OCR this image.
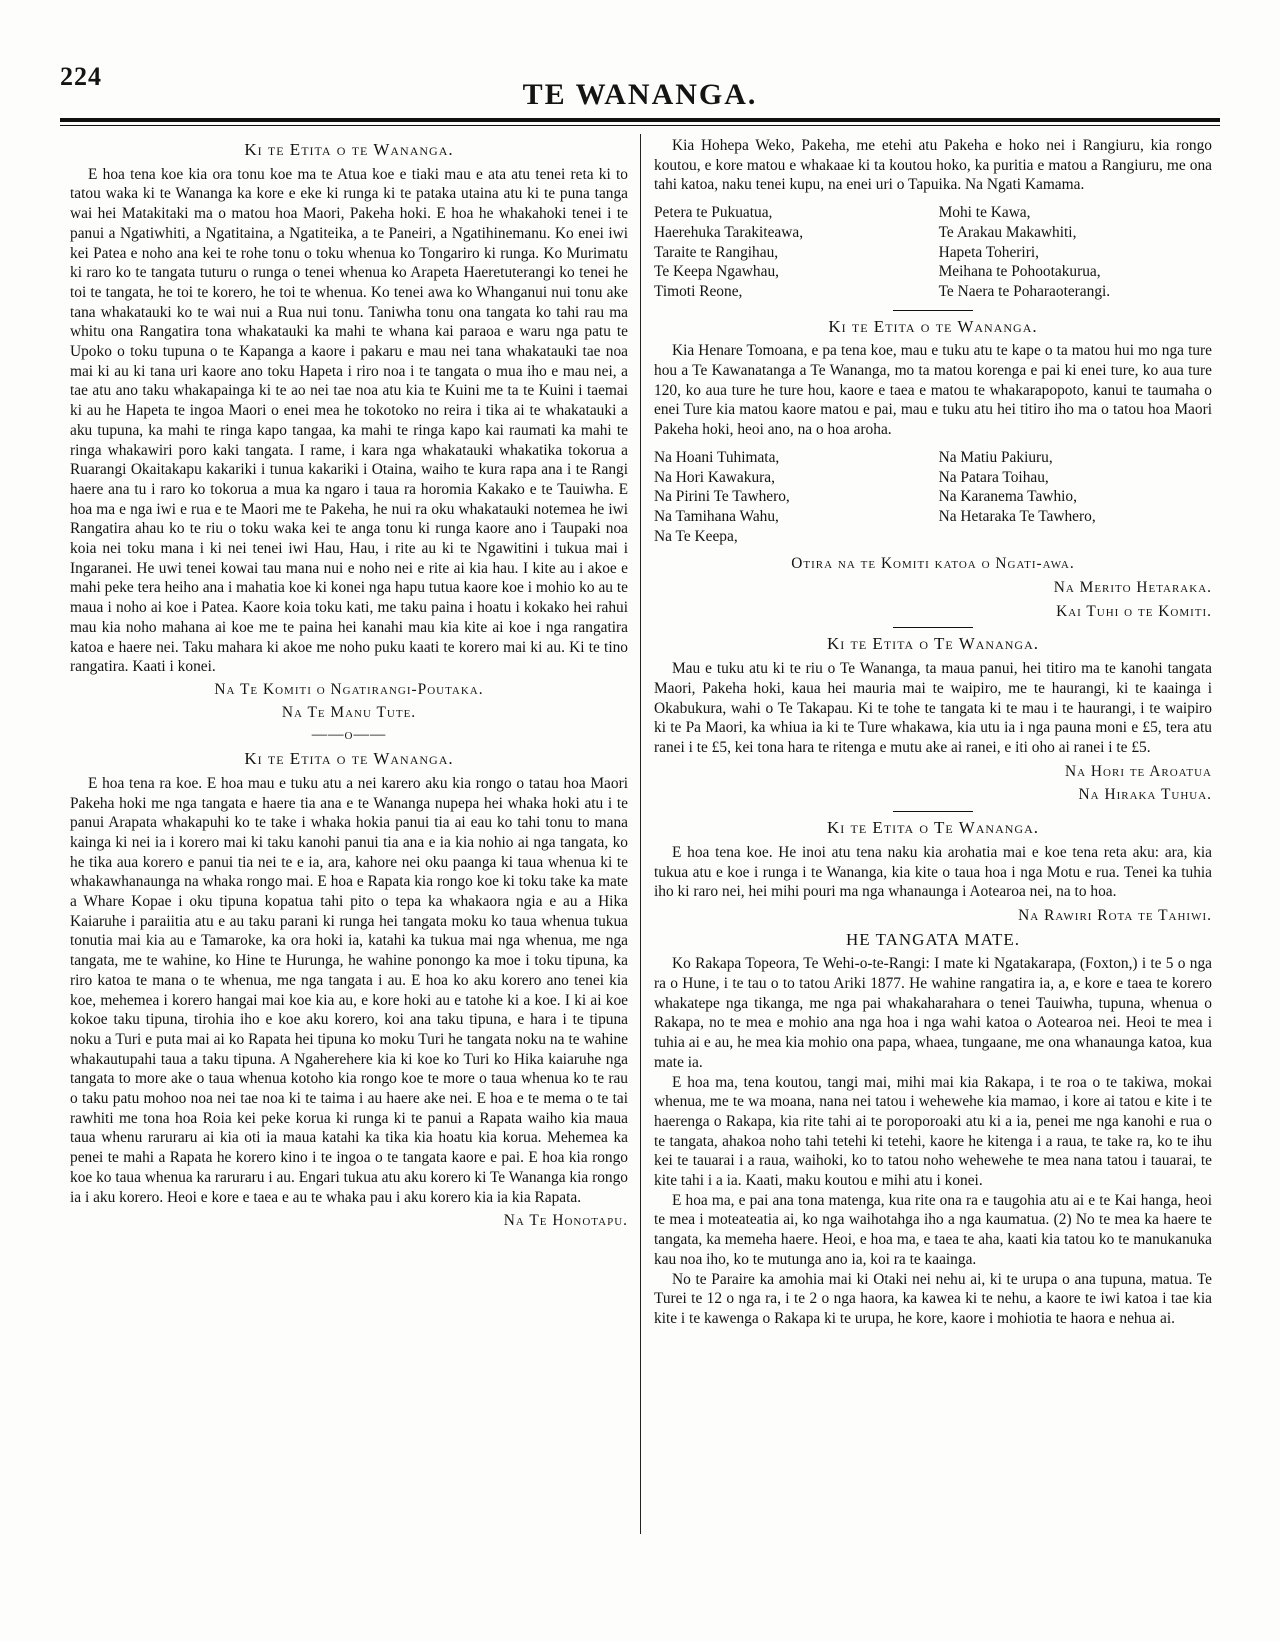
224
TE WANANGA.
Ki te Etita o te Wananga.

E hoa tena koe kia ora tonu koe ma te Atua koe e tiaki mau e ata atu tenei reta ki to tatou waka ki te Wananga ka kore e eke ki runga ki te pataka utaina atu ki te puna tanga wai hei Matakitaki ma o matou hoa Maori, Pakeha hoki. E hoa he whakahoki tenei i te panui a Ngatiwhiti, a Ngatitaina, a Ngatiteika, a te Paneiri, a Ngatihinemanu. Ko enei iwi kei Patea e noho ana kei te rohe tonu o toku whenua ko Tongariro ki runga. Ko Murimatu ki raro ko te tangata tuturu o runga o tenei whenua ko Arapeta Haeretuterangi ko tenei he toi te tangata, he toi te korero, he toi te whenua. Ko tenei awa ko Whanganui nui tonu ake tana whakatauki ko te wai nui a Rua nui tonu. Taniwha tonu ona tangata ko tahi rau ma whitu ona Rangatira tona whakatauki ka mahi te whana kai paraoa e waru nga patu te Upoko o toku tupuna o te Kapanga a kaore i pakaru e mau nei tana whakatauki tae noa mai ki au ki tana uri kaore ano toku Hapeta i riro noa i te tangata o mua iho e mau nei, a tae atu ano taku whakapainga ki te ao nei tae noa atu kia te Kuini me ta te Kuini i taemai ki au he Hapeta te ingoa Maori o enei mea he tokotoko no reira i tika ai te whakatauki a aku tupuna, ka mahi te ringa kapo tangaa, ka mahi te ringa kapo kai raumati ka mahi te ringa whakawiri poro kaki tangata. I rame, i kara nga whakatauki whakatika tokorua a Ruarangi Okaitakapu kakariki i tunua kakariki i Otaina, waiho te kura rapa ana i te Rangi haere ana tu i raro ko tokorua a mua ka ngaro i taua ra horomia Kakako e te Tauiwha. E hoa ma e nga iwi e rua e te Maori me te Pakeha, he nui ra oku whakatauki notemea he iwi Rangatira ahau ko te riu o toku waka kei te anga tonu ki runga kaore ano i Taupaki noa koia nei toku mana i ki nei tenei iwi Hau, Hau, i rite au ki te Ngawitini i tukua mai i Ingaranei. He uwi tenei kowai tau mana nui e noho nei e rite ai kia hau. I kite au i akoe e mahi peke tera heiho ana i mahatia koe ki konei nga hapu tutua kaore koe i mohio ko au te maua i noho ai koe i Patea. Kaore koia toku kati, me taku paina i hoatu i kokako hei rahui mau kia noho mahana ai koe me te paina hei kanahi mau kia kite ai koe i nga rangatira katoa e haere nei. Taku mahara ki akoe me noho puku kaati te korero mai ki au. Ki te tino rangatira. Kaati i konei.

Na Te Komiti o Ngatirangi-Poutaka.
Na Te Manu Tute.
——o——
Ki te Etita o te Wananga.

E hoa tena ra koe. E hoa mau e tuku atu a nei karero aku kia rongo o tatau hoa Maori Pakeha hoki me nga tangata e haere tia ana e te Wananga nupepa hei whaka hoki atu i te panui Arapata whakapuhi ko te take i whaka hokia panui tia ai eau ko tahi tonu to mana kainga ki nei ia i korero mai ki taku kanohi panui tia ana e ia kia nohio ai nga tangata, ko he tika aua korero e panui tia nei te e ia, ara, kahore nei oku paanga ki taua whenua ki te whakawhanaunga na whaka rongo mai. E hoa e Rapata kia rongo koe ki toku take ka mate a Whare Kopae i oku tipuna kopatua tahi pito o tepa ka whakaora ngia e au a Hika Kaiaruhe i paraiitia atu e au taku parani ki runga hei tangata moku ko taua whenua tukua tonutia mai kia au e Tamaroke, ka ora hoki ia, katahi ka tukua mai nga whenua, me nga tangata, me te wahine, ko Hine te Hurunga, he wahine ponongo ka moe i toku tipuna, ka riro katoa te mana o te whenua, me nga tangata i au. E hoa ko aku korero ano tenei kia koe, mehemea i korero hangai mai koe kia au, e kore hoki au e tatohe ki a koe. I ki ai koe kokoe taku tipuna, tirohia iho e koe aku korero, koi ana taku tipuna, e hara i te tipuna noku a Turi e puta mai ai ko Rapata hei tipuna ko moku Turi he tangata noku na te wahine whakautupahi taua a taku tipuna. A Ngaherehere kia ki koe ko Turi ko Hika kaiaruhe nga tangata to more ake o taua whenua kotoho kia rongo koe te more o taua whenua ko te rau o taku patu mohoo noa nei tae noa ki te taima i au haere ake nei. E hoa e te mema o te tai rawhiti me tona hoa Roia kei peke korua ki runga ki te panui a Rapata waiho kia maua taua whenu raruraru ai kia oti ia maua katahi ka tika kia hoatu kia korua. Mehemea ka penei te mahi a Rapata he korero kino i te ingoa o te tangata kaore e pai. E hoa kia rongo koe ko taua whenua ka raruraru i au. Engari tukua atu aku korero ki Te Wananga kia rongo ia i aku korero. Heoi e kore e taea e au te whaka pau i aku korero kia ia kia Rapata.

Na Te Honotapu.

Kia Hohepa Weko, Pakeha, me etehi atu Pakeha e hoko nei i Rangiuru, kia rongo koutou, e kore matou e whakaae ki ta koutou hoko, ka puritia e matou a Rangiuru, me ona tahi katoa, naku tenei kupu, na enei uri o Tapuika. Na Ngati Kamama.

Petera te Pukuatua,
Haerehuka Tarakiteawa,
Taraite te Rangihau,
Te Keepa Ngawhau,
Timoti Reone,
Mohi te Kawa,
Te Arakau Makawhiti,
Hapeta Toheriri,
Meihana te Pohootakurua,
Te Naera te Poharaoterangi.
Ki te Etita o te Wananga.

Kia Henare Tomoana, e pa tena koe, mau e tuku atu te kape o ta matou hui mo nga ture hou a Te Kawanatanga a Te Wananga, mo ta matou korenga e pai ki enei ture, ko aua ture 120, ko aua ture he ture hou, kaore e taea e matou te whakarapopoto, kanui te taumaha o enei Ture kia matou kaore matou e pai, mau e tuku atu hei titiro iho ma o tatou hoa Maori Pakeha hoki, heoi ano, na o hoa aroha.

Na Hoani Tuhimata,
Na Hori Kawakura,
Na Pirini Te Tawhero,
Na Tamihana Wahu,
Na Te Keepa,
Na Matiu Pakiuru,
Na Patara Toihau,
Na Karanema Tawhio,
Na Hetaraka Te Tawhero,
Otira na te Komiti katoa o Ngati-awa.
Na Merito Hetaraka.
Kai Tuhi o te Komiti.
Ki te Etita o Te Wananga.

Mau e tuku atu ki te riu o Te Wananga, ta maua panui, hei titiro ma te kanohi tangata Maori, Pakeha hoki, kaua hei mauria mai te waipiro, me te haurangi, ki te kaainga i Okabukura, wahi o Te Takapau. Ki te tohe te tangata ki te mau i te haurangi, i te waipiro ki te Pa Maori, ka whiua ia ki te Ture whakawa, kia utu ia i nga pauna moni e £5, tera atu ranei i te £5, kei tona hara te ritenga e mutu ake ai ranei, e iti oho ai ranei i te £5.

Na Hori te Aroatua
Na Hiraka Tuhua.
Ki te Etita o Te Wananga.

E hoa tena koe. He inoi atu tena naku kia arohatia mai e koe tena reta aku: ara, kia tukua atu e koe i runga i te Wananga, kia kite o taua hoa i nga Motu e rua. Tenei ka tuhia iho ki raro nei, hei mihi pouri ma nga whanaunga i Aotearoa nei, na to hoa.

Na Rawiri Rota te Tahiwi.
HE TANGATA MATE.

Ko Rakapa Topeora, Te Wehi-o-te-Rangi: I mate ki Ngatakarapa, (Foxton,) i te 5 o nga ra o Hune, i te tau o to tatou Ariki 1877. He wahine rangatira ia, a, e kore e taea te korero whakatepe nga tikanga, me nga pai whakaharahara o tenei Tauiwha, tupuna, whenua o Rakapa, no te mea e mohio ana nga hoa i nga wahi katoa o Aotearoa nei. Heoi te mea i tuhia ai e au, he mea kia mohio ona papa, whaea, tungaane, me ona whanaunga katoa, kua mate ia.

E hoa ma, tena koutou, tangi mai, mihi mai kia Rakapa, i te roa o te takiwa, mokai whenua, me te wa moana, nana nei tatou i wehewehe kia mamao, i kore ai tatou e kite i te haerenga o Rakapa, kia rite tahi ai te poroporoaki atu ki a ia, penei me nga kanohi e rua o te tangata, ahakoa noho tahi tetehi ki tetehi, kaore he kitenga i a raua, te take ra, ko te ihu kei te tauarai i a raua, waihoki, ko to tatou noho wehewehe te mea nana tatou i tauarai, te kite tahi i a ia. Kaati, maku koutou e mihi atu i konei.

E hoa ma, e pai ana tona matenga, kua rite ona ra e taugohia atu ai e te Kai hanga, heoi te mea i moteateatia ai, ko nga waihotahga iho a nga kaumatua. (2) No te mea ka haere te tangata, ka memeha haere. Heoi, e hoa ma, e taea te aha, kaati kia tatou ko te manukanuka kau noa iho, ko te mutunga ano ia, koi ra te kaainga.

No te Paraire ka amohia mai ki Otaki nei nehu ai, ki te urupa o ana tupuna, matua. Te Turei te 12 o nga ra, i te 2 o nga haora, ka kawea ki te nehu, a kaore te iwi katoa i tae kia kite i te kawenga o Rakapa ki te urupa, he kore, kaore i mohiotia te haora e nehua ai.
